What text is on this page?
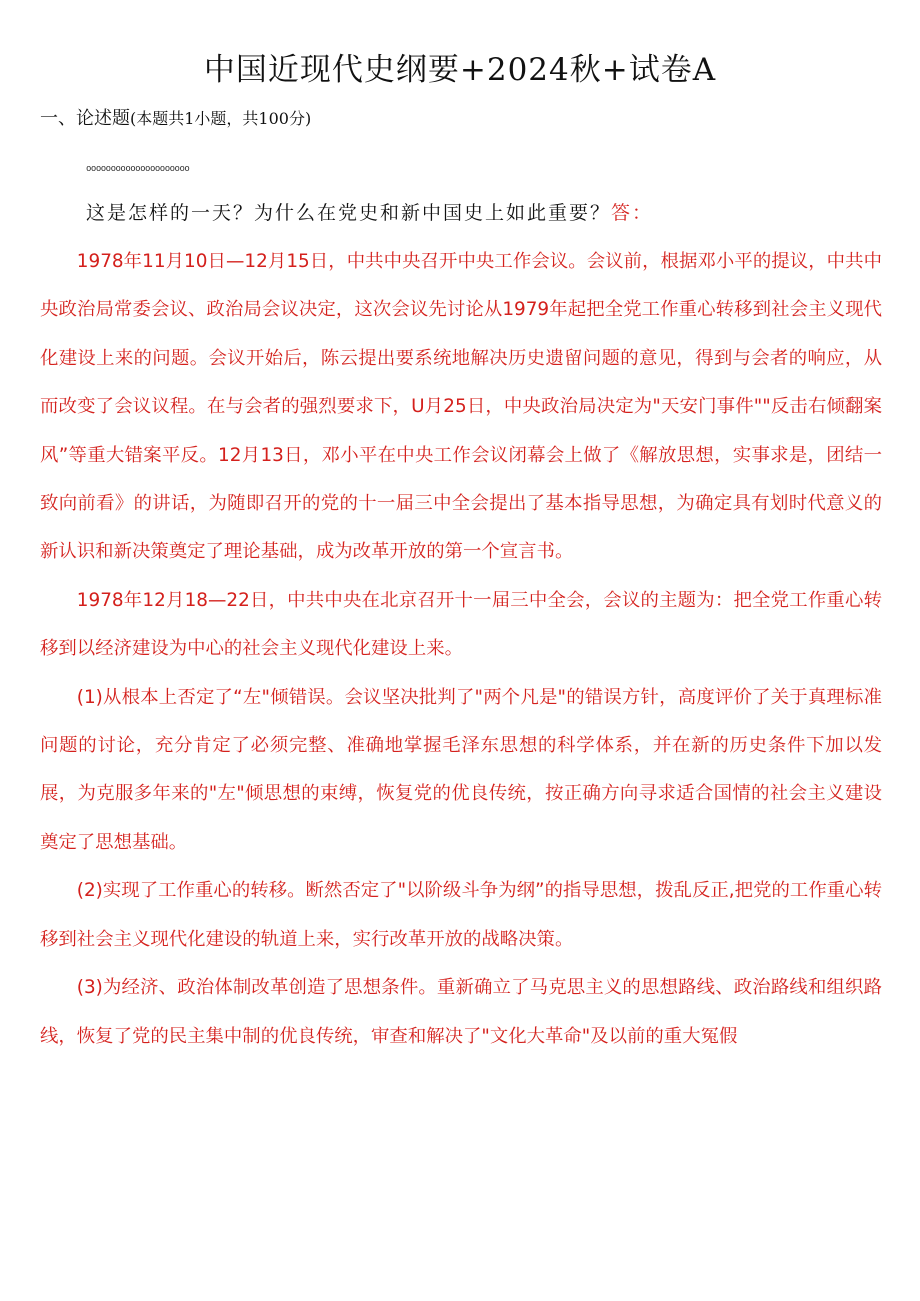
中国近现代史纲要+2024秋+试卷A
一、论述题(本题共1小题，共100分)
ooooooooooooooooooooo
这是怎样的一天？为什么在党史和新中国史上如此重要？答：

1978年11月10日—12月15日，中共中央召开中央工作会议。会议前，根据邓小平的提议，中共中央政治局常委会议、政治局会议决定，这次会议先讨论从1979年起把全党工作重心转移到社会主义现代化建设上来的问题。会议开始后，陈云提出要系统地解决历史遗留问题的意见，得到与会者的响应，从而改变了会议议程。在与会者的强烈要求下，U月25日，中央政治局决定为"天安门事件""反击右倾翻案风”等重大错案平反。12月13日，邓小平在中央工作会议闭幕会上做了《解放思想，实事求是，团结一致向前看》的讲话，为随即召开的党的十一届三中全会提出了基本指导思想，为确定具有划时代意义的新认识和新决策奠定了理论基础，成为改革开放的第一个宣言书。

1978年12月18—22日，中共中央在北京召开十一届三中全会，会议的主题为：把全党工作重心转移到以经济建设为中心的社会主义现代化建设上来。

(1)从根本上否定了“左"倾错误。会议坚决批判了"两个凡是"的错误方针，高度评价了关于真理标准问题的讨论，充分肯定了必须完整、准确地掌握毛泽东思想的科学体系，并在新的历史条件下加以发展，为克服多年来的"左"倾思想的束缚，恢复党的优良传统，按正确方向寻求适合国情的社会主义建设奠定了思想基础。

(2)实现了工作重心的转移。断然否定了"以阶级斗争为纲”的指导思想，拨乱反正,把党的工作重心转移到社会主义现代化建设的轨道上来，实行改革开放的战略决策。

(3)为经济、政治体制改革创造了思想条件。重新确立了马克思主义的思想路线、政治路线和组织路线，恢复了党的民主集中制的优良传统，审查和解决了"文化大革命"及以前的重大冤假
